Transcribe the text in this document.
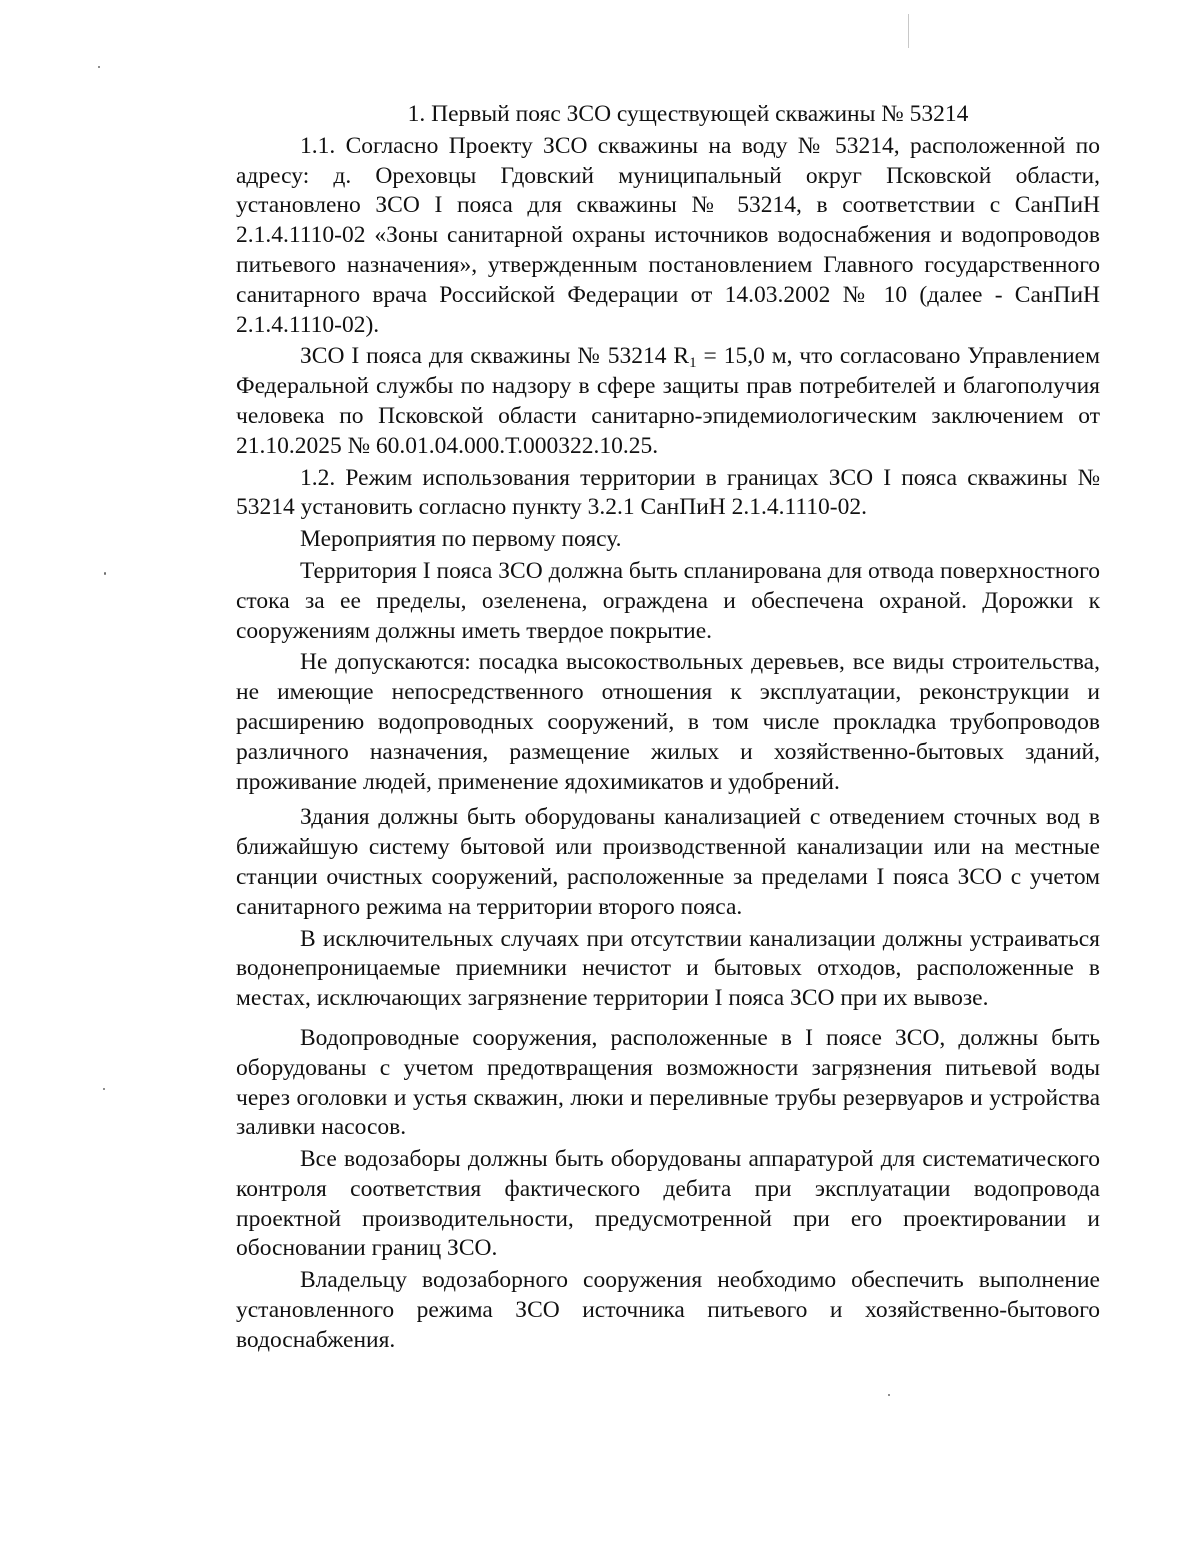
1. Первый пояс ЗСО существующей скважины № 53214

1.1. Согласно Проекту ЗСО скважины на воду № 53214, расположенной по адресу: д. Ореховцы Гдовский муниципальный округ Псковской области, установлено ЗСО I пояса для скважины № 53214, в соответствии с СанПиН 2.1.4.1110-02 «Зоны санитарной охраны источников водоснабжения и водопроводов питьевого назначения», утвержденным постановлением Главного государственного санитарного врача Российской Федерации от 14.03.2002 № 10 (далее - СанПиН 2.1.4.1110-02).

ЗСО I пояса для скважины № 53214 $R_1 = 15,0$ м, что согласовано Управлением Федеральной службы по надзору в сфере защиты прав потребителей и благополучия человека по Псковской области санитарно-эпидемиологическим заключением от 21.10.2025 № 60.01.04.000.Т.000322.10.25.

1.2. Режим использования территории в границах ЗСО I пояса скважины № 53214 установить согласно пункту 3.2.1 СанПиН 2.1.4.1110-02.

Мероприятия по первому поясу.

Территория I пояса ЗСО должна быть спланирована для отвода поверхностного стока за ее пределы, озеленена, ограждена и обеспечена охраной. Дорожки к сооружениям должны иметь твердое покрытие.

Не допускаются: посадка высокоствольных деревьев, все виды строительства, не имеющие непосредственного отношения к эксплуатации, реконструкции и расширению водопроводных сооружений, в том числе прокладка трубопроводов различного назначения, размещение жилых и хозяйственно-бытовых зданий, проживание людей, применение ядохимикатов и удобрений.

Здания должны быть оборудованы канализацией с отведением сточных вод в ближайшую систему бытовой или производственной канализации или на местные станции очистных сооружений, расположенные за пределами I пояса ЗСО с учетом санитарного режима на территории второго пояса.

В исключительных случаях при отсутствии канализации должны устраиваться водонепроницаемые приемники нечистот и бытовых отходов, расположенные в местах, исключающих загрязнение территории I пояса ЗСО при их вывозе.

Водопроводные сооружения, расположенные в I поясе ЗСО, должны быть оборудованы с учетом предотвращения возможности загрязнения питьевой воды через оголовки и устья скважин, люки и переливные трубы резервуаров и устройства заливки насосов.

Все водозаборы должны быть оборудованы аппаратурой для систематического контроля соответствия фактического дебита при эксплуатации водопровода проектной производительности, предусмотренной при его проектировании и обосновании границ ЗСО.

Владельцу водозаборного сооружения необходимо обеспечить выполнение установленного режима ЗСО источника питьевого и хозяйственно-бытового водоснабжения.
